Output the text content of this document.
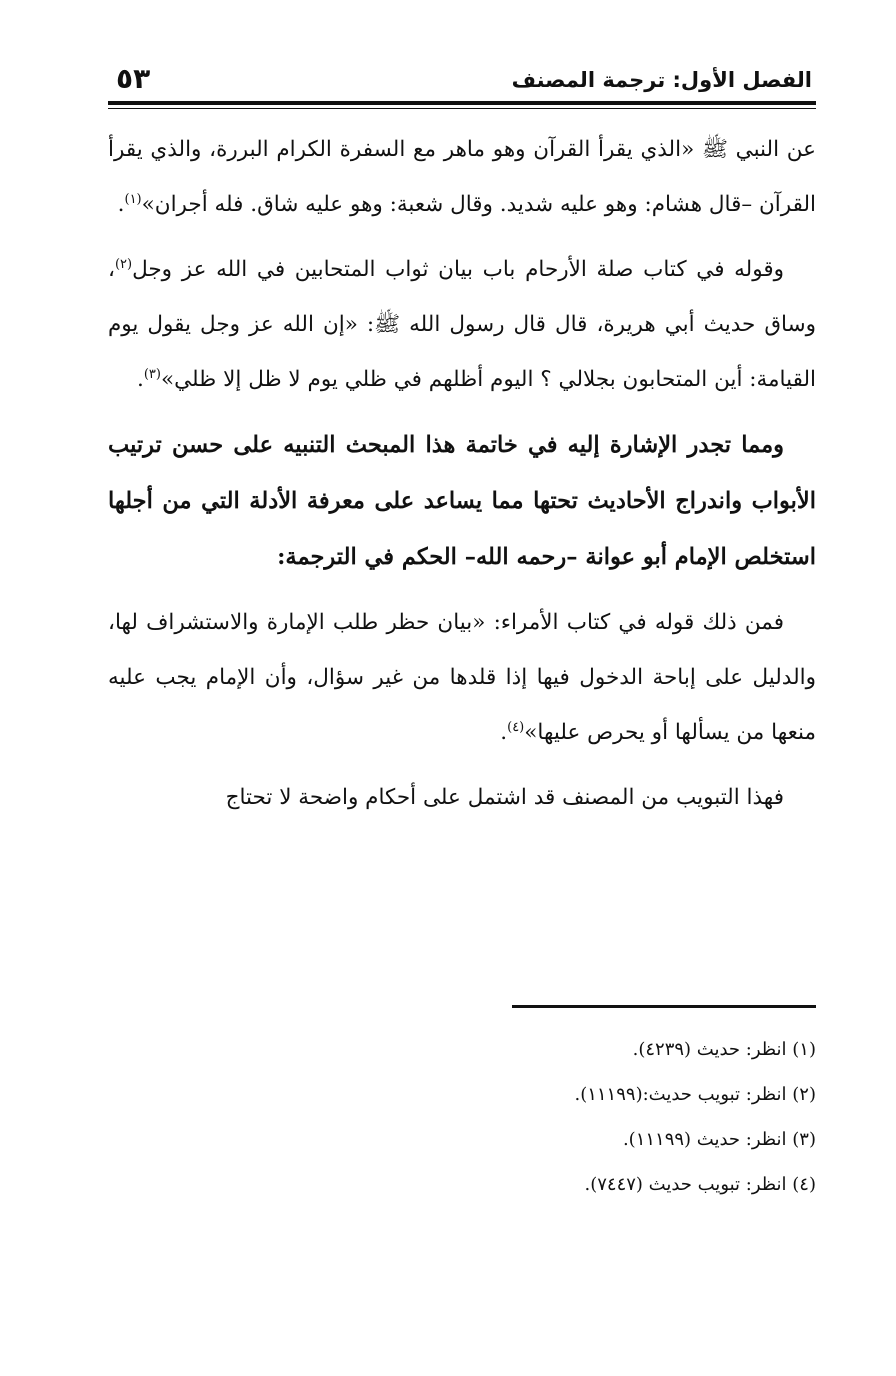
الفصل الأول: ترجمة المصنف
٥٣

عن النبي ﷺ «الذي يقرأ القرآن وهو ماهر مع السفرة الكرام البررة، والذي يقرأ القرآن –قال هشام: وهو عليه شديد. وقال شعبة: وهو عليه شاق. فله أجران»$^{(١)}$.

وقوله في كتاب صلة الأرحام باب بيان ثواب المتحابين في الله عز وجل$^{(٢)}$، وساق حديث أبي هريرة، قال قال رسول الله ﷺ: «إن الله عز وجل يقول يوم القيامة: أين المتحابون بجلالي ؟ اليوم أظلهم في ظلي يوم لا ظل إلا ظلي»$^{(٣)}$.

ومما تجدر الإشارة إليه في خاتمة هذا المبحث التنبيه على حسن ترتيب الأبواب واندراج الأحاديث تحتها مما يساعد على معرفة الأدلة التي من أجلها استخلص الإمام أبو عوانة –رحمه الله– الحكم في الترجمة:

فمن ذلك قوله في كتاب الأمراء: «بيان حظر طلب الإمارة والاستشراف لها، والدليل على إباحة الدخول فيها إذا قلدها من غير سؤال، وأن الإمام يجب عليه منعها من يسألها أو يحرص عليها»$^{(٤)}$.

فهذا التبويب من المصنف قد اشتمل على أحكام واضحة لا تحتاج

(١) انظر: حديث (٤٢٣٩).

(٢) انظر: تبويب حديث:(١١١٩٩).

(٣) انظر: حديث (١١١٩٩).

(٤) انظر: تبويب حديث (٧٤٤٧).
